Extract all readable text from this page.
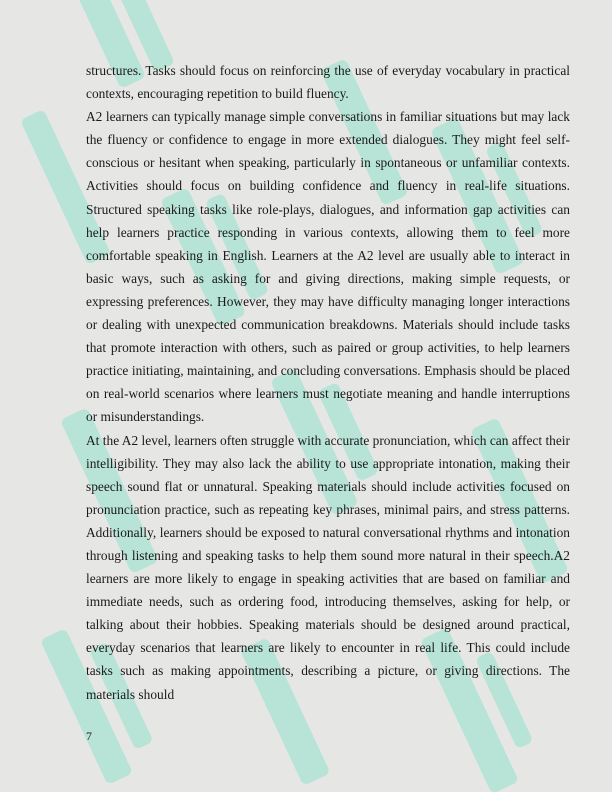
structures. Tasks should focus on reinforcing the use of everyday vocabulary in practical contexts, encouraging repetition to build fluency.

A2 learners can typically manage simple conversations in familiar situations but may lack the fluency or confidence to engage in more extended dialogues. They might feel self-conscious or hesitant when speaking, particularly in spontaneous or unfamiliar contexts. Activities should focus on building confidence and fluency in real-life situations. Structured speaking tasks like role-plays, dialogues, and information gap activities can help learners practice responding in various contexts, allowing them to feel more comfortable speaking in English. Learners at the A2 level are usually able to interact in basic ways, such as asking for and giving directions, making simple requests, or expressing preferences. However, they may have difficulty managing longer interactions or dealing with unexpected communication breakdowns. Materials should include tasks that promote interaction with others, such as paired or group activities, to help learners practice initiating, maintaining, and concluding conversations. Emphasis should be placed on real-world scenarios where learners must negotiate meaning and handle interruptions or misunderstandings.

At the A2 level, learners often struggle with accurate pronunciation, which can affect their intelligibility. They may also lack the ability to use appropriate intonation, making their speech sound flat or unnatural. Speaking materials should include activities focused on pronunciation practice, such as repeating key phrases, minimal pairs, and stress patterns. Additionally, learners should be exposed to natural conversational rhythms and intonation through listening and speaking tasks to help them sound more natural in their speech.A2 learners are more likely to engage in speaking activities that are based on familiar and immediate needs, such as ordering food, introducing themselves, asking for help, or talking about their hobbies. Speaking materials should be designed around practical, everyday scenarios that learners are likely to encounter in real life. This could include tasks such as making appointments, describing a picture, or giving directions. The materials should

7
